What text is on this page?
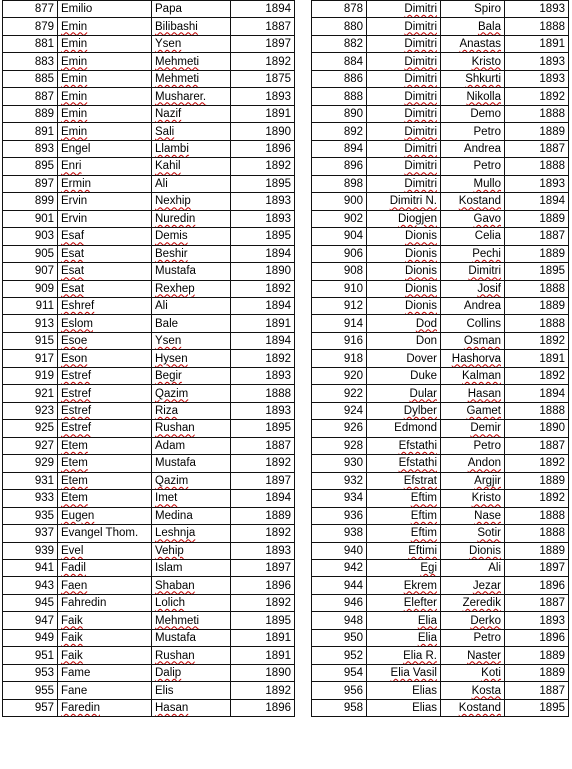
877	Emilio	Papa	1894
879	Emin	Bilibashi	1887
881	Emin	Ysen	1897
883	Emin	Mehmeti	1892
885	Emin	Mehmeti	1875
887	Emin	Musharer.	1893
889	Emin	Nazif	1891
891	Emin	Sali	1890
893	Engel	Llambi	1896
895	Enri	Kahil	1892
897	Ermin	Ali	1895
899	Ervin	Nexhip	1893
901	Ervin	Nuredin	1893
903	Esaf	Demis	1895
905	Esat	Beshir	1894
907	Esat	Mustafa	1890
909	Esat	Rexhep	1892
911	Eshref	Ali	1894
913	Eslom	Bale	1891
915	Esoe	Ysen	1894
917	Eson	Hysen	1892
919	Estref	Begir	1893
921	Estref	Qazim	1888
923	Estref	Riza	1893
925	Estref	Rushan	1895
927	Etem	Adam	1887
929	Etem	Mustafa	1892
931	Etem	Qazim	1897
933	Etem	Imet	1894
935	Eugen	Medina	1889
937	Evangel Thom.	Leshnja	1892
939	Evel	Vehip	1893
941	Fadil	Islam	1897
943	Faen	Shaban	1896
945	Fahredin	Lolich	1892
947	Faik	Mehmeti	1895
949	Faik	Mustafa	1891
951	Faik	Rushan	1891
953	Fame	Dalip	1890
955	Fane	Elis	1892
957	Faredin	Hasan	1896
878	Dimitri	Spiro	1893
880	Dimitri	Bala	1888
882	Dimitri	Anastas	1891
884	Dimitri	Kristo	1893
886	Dimitri	Shkurti	1893
888	Dimitri	Nikolla	1892
890	Dimitri	Demo	1888
892	Dimitri	Petro	1889
894	Dimitri	Andrea	1887
896	Dimitri	Petro	1888
898	Dimitri	Mullo	1893
900	Dimitri N.	Kostand	1894
902	Diogjen	Gavo	1889
904	Dionis	Celia	1887
906	Dionis	Pechi	1889
908	Dionis	Dimitri	1895
910	Dionis	Josif	1888
912	Dionis	Andrea	1889
914	Dod	Collins	1888
916	Don	Osman	1892
918	Dover	Hashorva	1891
920	Duke	Kalman	1892
922	Dular	Hasan	1894
924	Dylber	Gamet	1888
926	Edmond	Demir	1890
928	Efstathi	Petro	1887
930	Efstathi	Andon	1892
932	Efstrat	Argjir	1889
934	Eftim	Kristo	1892
936	Eftim	Nase	1888
938	Eftim	Sotir	1888
940	Eftimi	Dionis	1889
942	Egi	Ali	1897
944	Ekrem	Jezar	1896
946	Elefter	Zeredik	1887
948	Elia	Derko	1893
950	Elia	Petro	1896
952	Elia R.	Naster	1889
954	Elia Vasil	Koti	1889
956	Elias	Kosta	1887
958	Elias	Kostand	1895
